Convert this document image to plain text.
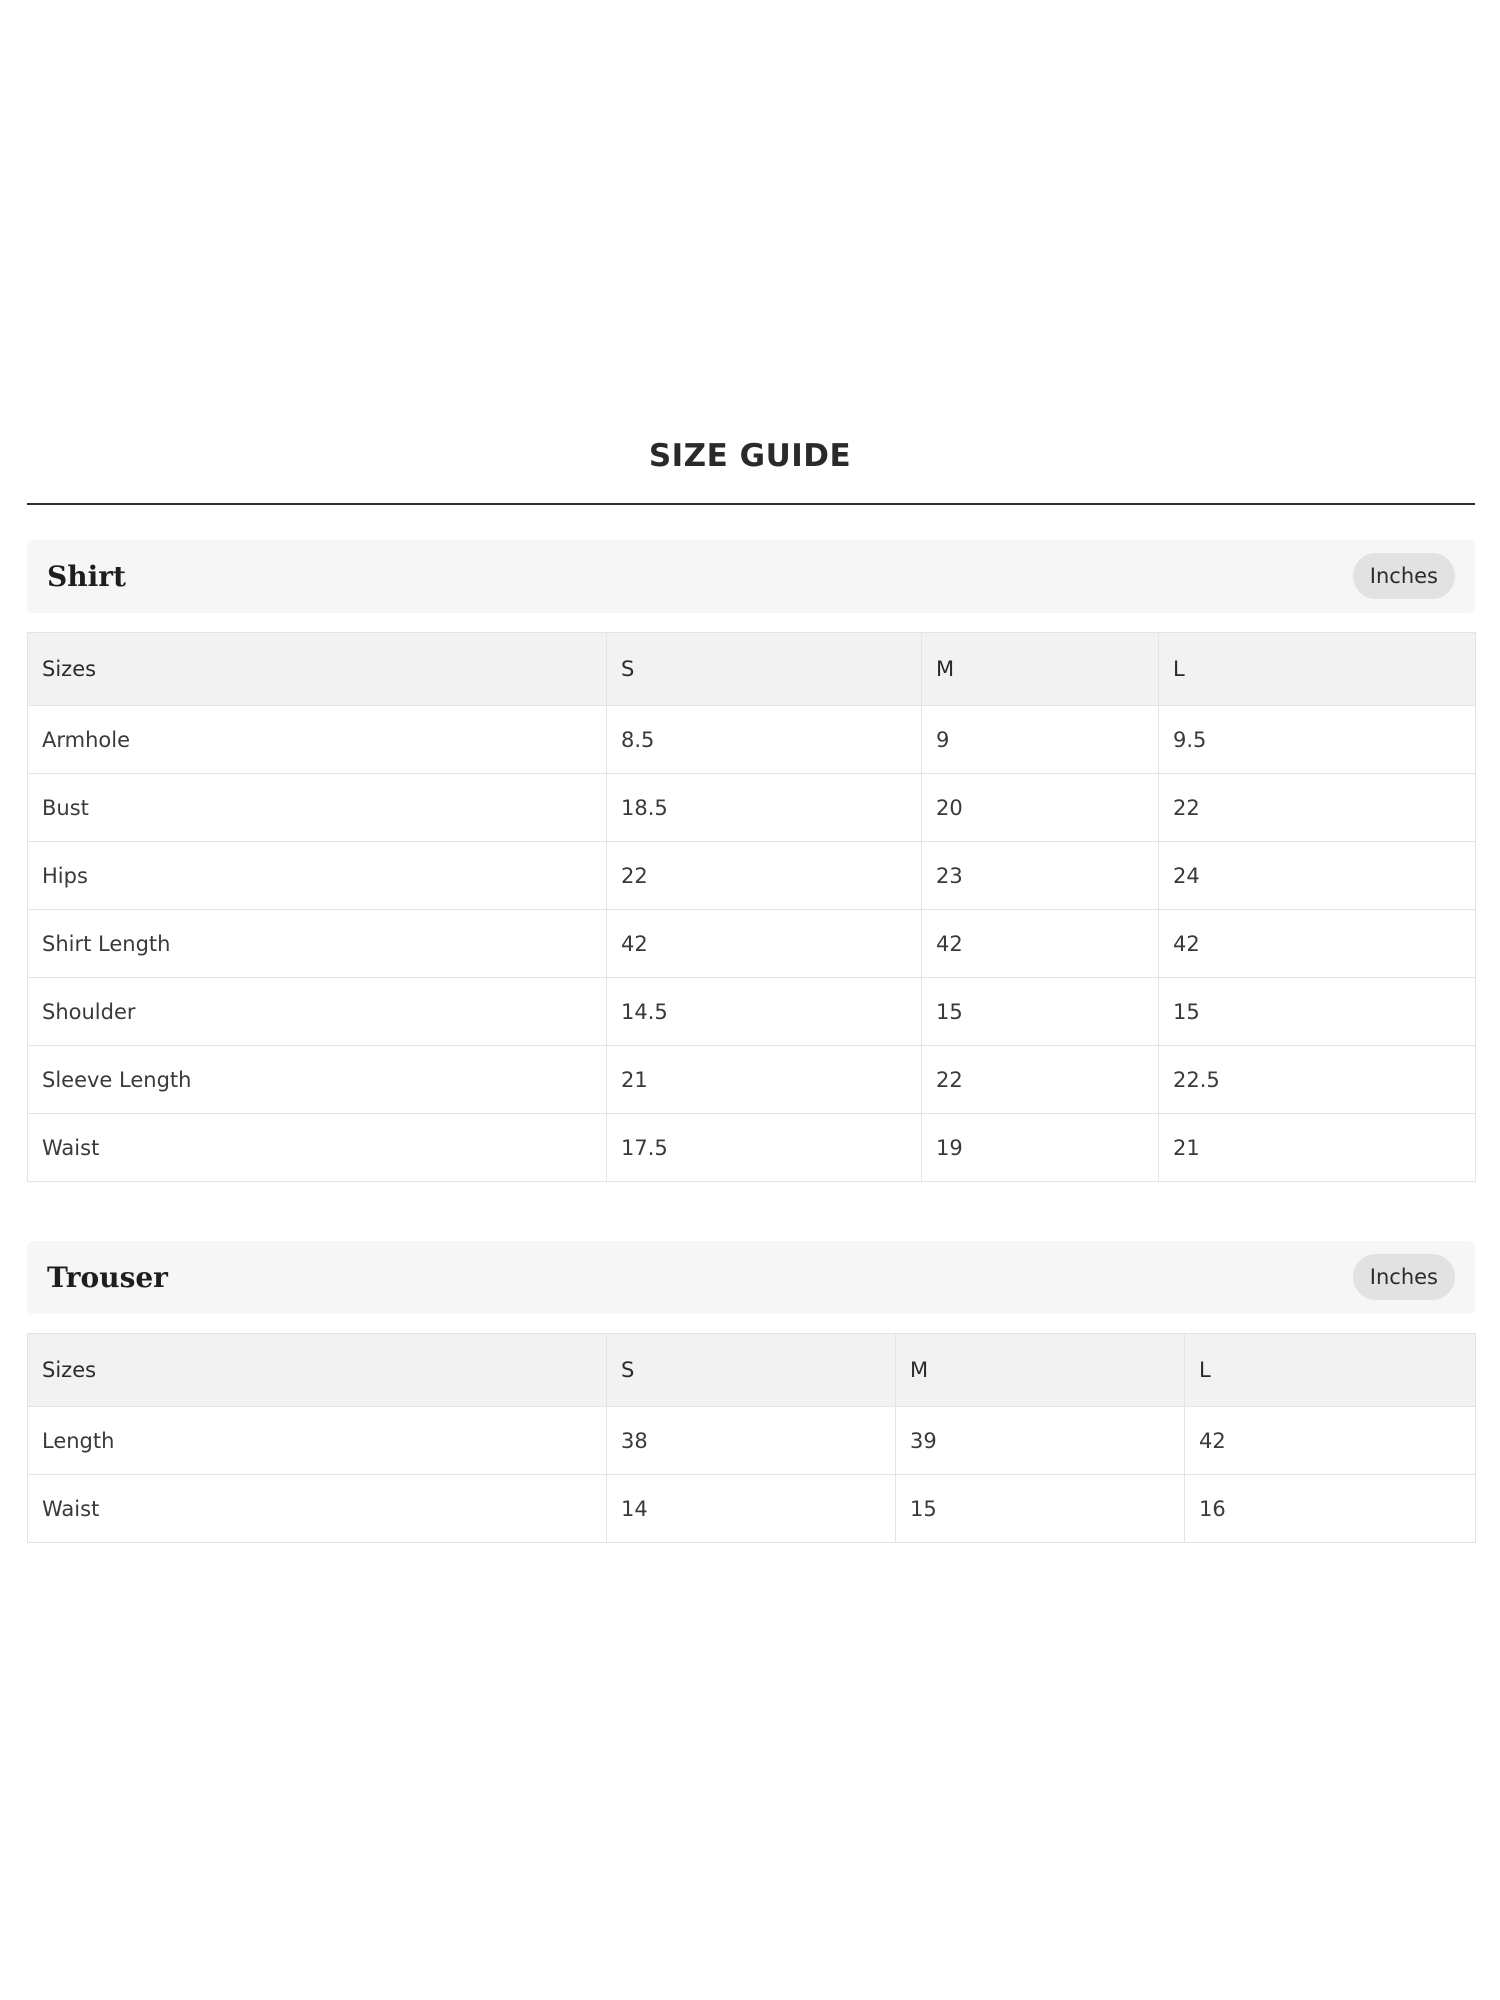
SIZE GUIDE
Shirt	Inches
Sizes	S	M	L
Armhole	8.5	9	9.5
Bust	18.5	20	22
Hips	22	23	24
Shirt Length	42	42	42
Shoulder	14.5	15	15
Sleeve Length	21	22	22.5
Waist	17.5	19	21
Trouser	Inches
Sizes	S	M	L
Length	38	39	42
Waist	14	15	16
